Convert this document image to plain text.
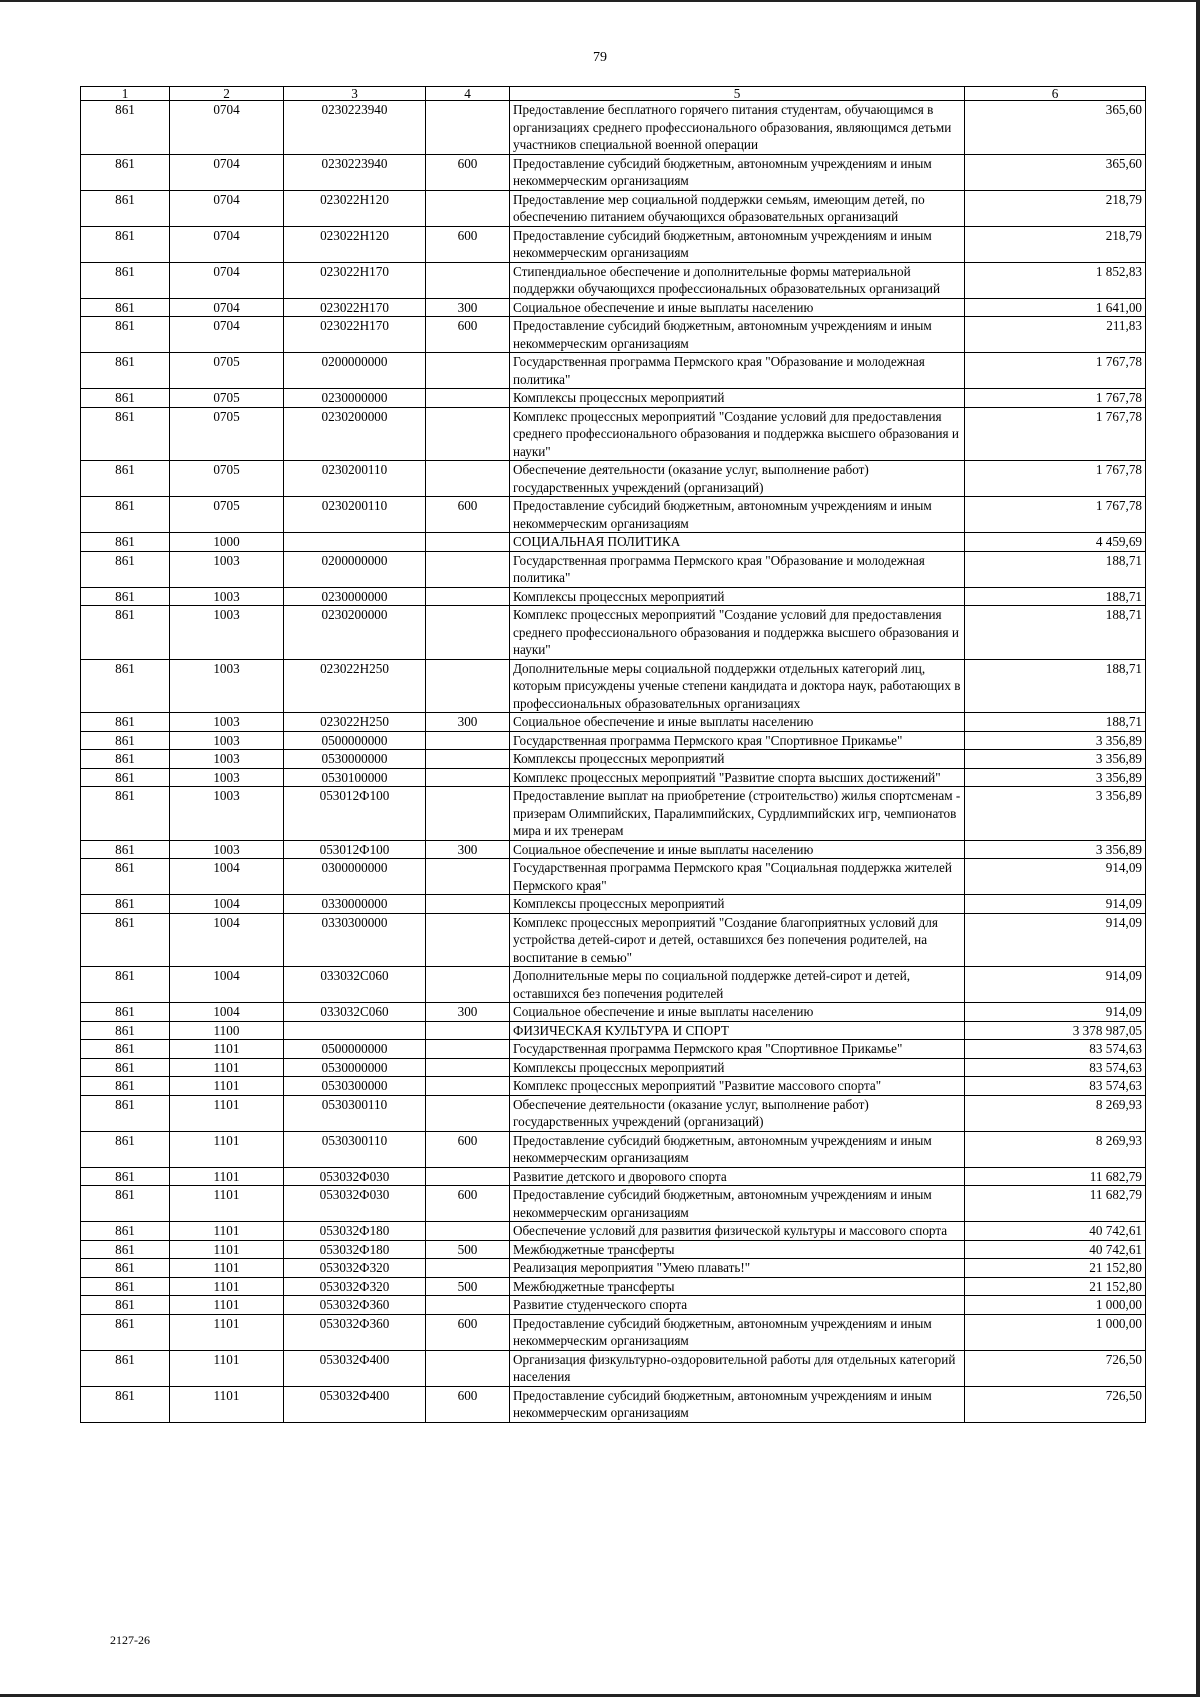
79
1	2	3	4	5	6
861	0704	0230223940		Предоставление бесплатного горячего питания студентам, обучающимся в организациях среднего профессионального образования, являющимся детьми участников специальной военной операции	365,60
861	0704	0230223940	600	Предоставление субсидий бюджетным, автономным учреждениям и иным некоммерческим организациям	365,60
861	0704	023022Н120		Предоставление мер социальной поддержки семьям, имеющим детей, по обеспечению питанием обучающихся образовательных организаций	218,79
861	0704	023022Н120	600	Предоставление субсидий бюджетным, автономным учреждениям и иным некоммерческим организациям	218,79
861	0704	023022Н170		Стипендиальное обеспечение и дополнительные формы материальной поддержки обучающихся профессиональных образовательных организаций	1 852,83
861	0704	023022Н170	300	Социальное обеспечение и иные выплаты населению	1 641,00
861	0704	023022Н170	600	Предоставление субсидий бюджетным, автономным учреждениям и иным некоммерческим организациям	211,83
861	0705	0200000000		Государственная программа Пермского края "Образование и молодежная политика"	1 767,78
861	0705	0230000000		Комплексы процессных мероприятий	1 767,78
861	0705	0230200000		Комплекс процессных мероприятий "Создание условий для предоставления среднего профессионального образования и поддержка высшего образования и науки"	1 767,78
861	0705	0230200110		Обеспечение деятельности (оказание услуг, выполнение работ) государственных учреждений (организаций)	1 767,78
861	0705	0230200110	600	Предоставление субсидий бюджетным, автономным учреждениям и иным некоммерческим организациям	1 767,78
861	1000			СОЦИАЛЬНАЯ ПОЛИТИКА	4 459,69
861	1003	0200000000		Государственная программа Пермского края "Образование и молодежная политика"	188,71
861	1003	0230000000		Комплексы процессных мероприятий	188,71
861	1003	0230200000		Комплекс процессных мероприятий "Создание условий для предоставления среднего профессионального образования и поддержка высшего образования и науки"	188,71
861	1003	023022Н250		Дополнительные меры социальной поддержки отдельных категорий лиц, которым присуждены ученые степени кандидата и доктора наук, работающих в профессиональных образовательных организациях	188,71
861	1003	023022Н250	300	Социальное обеспечение и иные выплаты населению	188,71
861	1003	0500000000		Государственная программа Пермского края "Спортивное Прикамье"	3 356,89
861	1003	0530000000		Комплексы процессных мероприятий	3 356,89
861	1003	0530100000		Комплекс процессных мероприятий "Развитие спорта высших достижений"	3 356,89
861	1003	053012Ф100		Предоставление выплат на приобретение (строительство) жилья спортсменам - призерам Олимпийских, Паралимпийских, Сурдлимпийских игр, чемпионатов мира и их тренерам	3 356,89
861	1003	053012Ф100	300	Социальное обеспечение и иные выплаты населению	3 356,89
861	1004	0300000000		Государственная программа Пермского края "Социальная поддержка жителей Пермского края"	914,09
861	1004	0330000000		Комплексы процессных мероприятий	914,09
861	1004	0330300000		Комплекс процессных мероприятий "Создание благоприятных условий для устройства детей-сирот и детей, оставшихся без попечения родителей, на воспитание в семью"	914,09
861	1004	033032С060		Дополнительные меры по социальной поддержке детей-сирот и детей, оставшихся без попечения родителей	914,09
861	1004	033032С060	300	Социальное обеспечение и иные выплаты населению	914,09
861	1100			ФИЗИЧЕСКАЯ КУЛЬТУРА И СПОРТ	3 378 987,05
861	1101	0500000000		Государственная программа Пермского края "Спортивное Прикамье"	83 574,63
861	1101	0530000000		Комплексы процессных мероприятий	83 574,63
861	1101	0530300000		Комплекс процессных мероприятий "Развитие массового спорта"	83 574,63
861	1101	0530300110		Обеспечение деятельности (оказание услуг, выполнение работ) государственных учреждений (организаций)	8 269,93
861	1101	0530300110	600	Предоставление субсидий бюджетным, автономным учреждениям и иным некоммерческим организациям	8 269,93
861	1101	053032Ф030		Развитие детского и дворового спорта	11 682,79
861	1101	053032Ф030	600	Предоставление субсидий бюджетным, автономным учреждениям и иным некоммерческим организациям	11 682,79
861	1101	053032Ф180		Обеспечение условий для развития физической культуры и массового спорта	40 742,61
861	1101	053032Ф180	500	Межбюджетные трансферты	40 742,61
861	1101	053032Ф320		Реализация мероприятия "Умею плавать!"	21 152,80
861	1101	053032Ф320	500	Межбюджетные трансферты	21 152,80
861	1101	053032Ф360		Развитие студенческого спорта	1 000,00
861	1101	053032Ф360	600	Предоставление субсидий бюджетным, автономным учреждениям и иным некоммерческим организациям	1 000,00
861	1101	053032Ф400		Организация физкультурно-оздоровительной работы для отдельных категорий населения	726,50
861	1101	053032Ф400	600	Предоставление субсидий бюджетным, автономным учреждениям и иным некоммерческим организациям	726,50
2127-26
